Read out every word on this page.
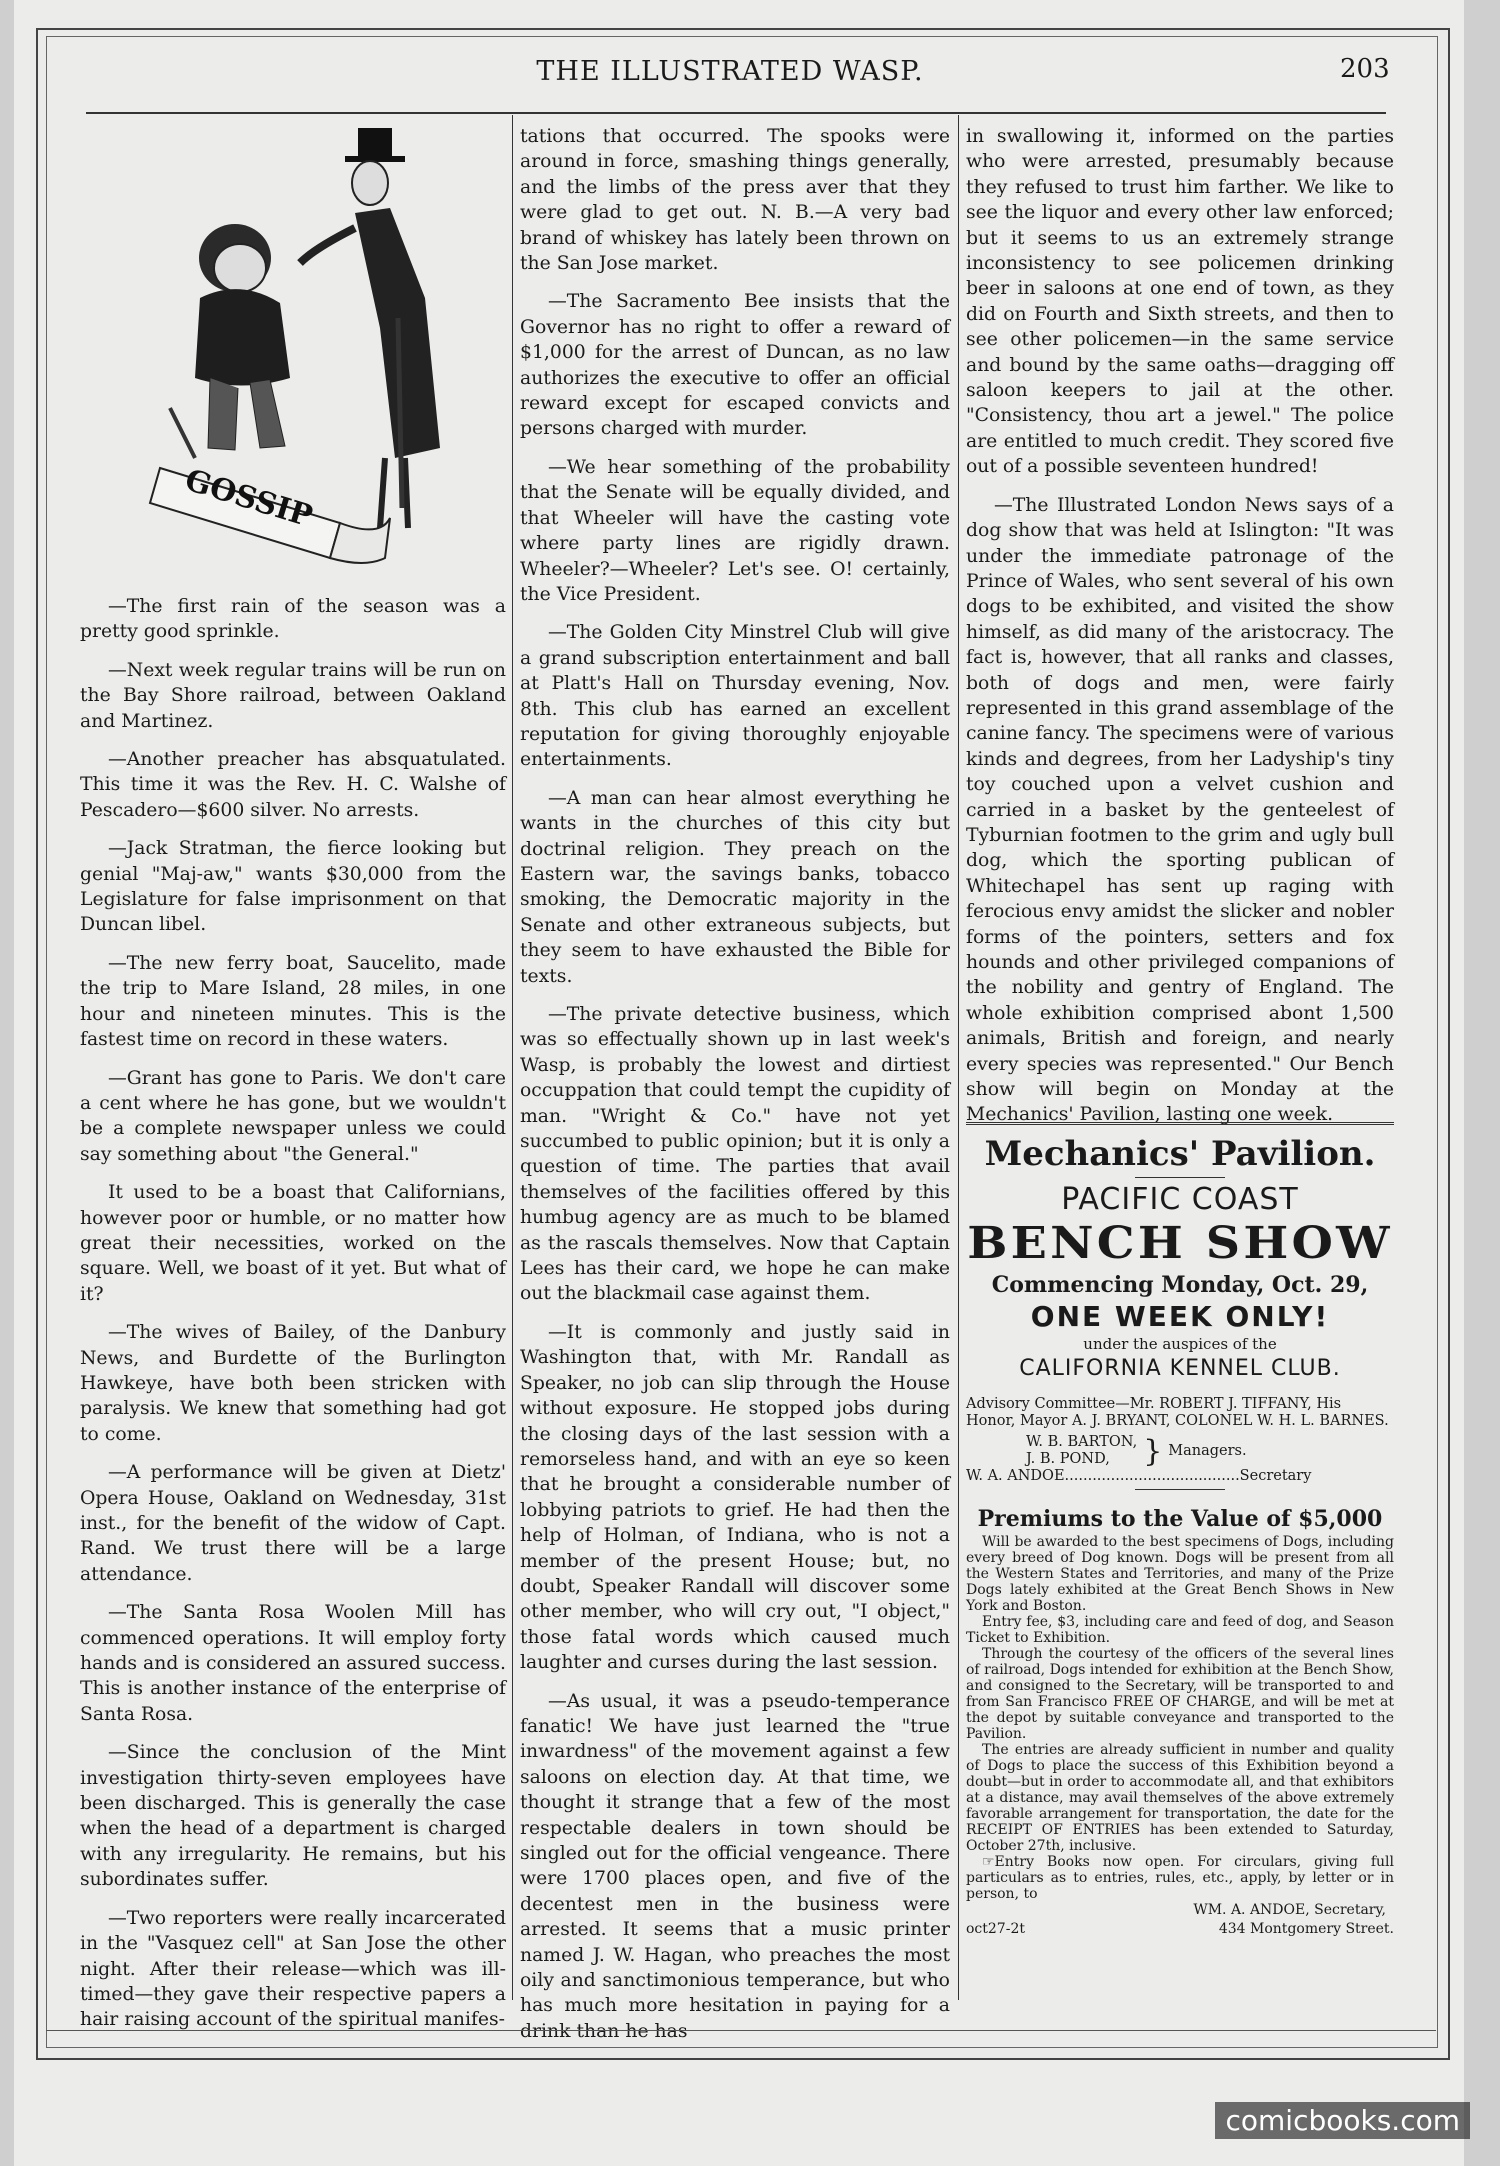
THE ILLUSTRATED WASP.	203
GOSSIP

—The first rain of the season was a pretty good sprinkle.

—Next week regular trains will be run on the Bay Shore railroad, between Oakland and Martinez.

—Another preacher has absquatulated. This time it was the Rev. H. C. Walshe of Pescadero—$600 silver. No arrests.

—Jack Stratman, the fierce looking but genial "Maj-aw," wants $30,000 from the Legislature for false imprisonment on that Duncan libel.

—The new ferry boat, Saucelito, made the trip to Mare Island, 28 miles, in one hour and nineteen minutes. This is the fastest time on record in these waters.

—Grant has gone to Paris. We don't care a cent where he has gone, but we wouldn't be a complete newspaper unless we could say something about "the General."

It used to be a boast that Californians, however poor or humble, or no matter how great their necessities, worked on the square. Well, we boast of it yet. But what of it?

—The wives of Bailey, of the Danbury News, and Burdette of the Burlington Hawkeye, have both been stricken with paralysis. We knew that something had got to come.

—A performance will be given at Dietz' Opera House, Oakland on Wednesday, 31st inst., for the benefit of the widow of Capt. Rand. We trust there will be a large attendance.

—The Santa Rosa Woolen Mill has commenced operations. It will employ forty hands and is considered an assured success. This is another instance of the enterprise of Santa Rosa.

—Since the conclusion of the Mint investigation thirty-seven employees have been discharged. This is generally the case when the head of a department is charged with any irregularity. He remains, but his subordinates suffer.

—Two reporters were really incarcerated in the "Vasquez cell" at San Jose the other night. After their release—which was ill-timed—they gave their respective papers a hair raising account of the spiritual manifes-

tations that occurred. The spooks were around in force, smashing things generally, and the limbs of the press aver that they were glad to get out. N. B.—A very bad brand of whiskey has lately been thrown on the San Jose market.

—The Sacramento Bee insists that the Governor has no right to offer a reward of $1,000 for the arrest of Duncan, as no law authorizes the executive to offer an official reward except for escaped convicts and persons charged with murder.

—We hear something of the probability that the Senate will be equally divided, and that Wheeler will have the casting vote where party lines are rigidly drawn. Wheeler?—Wheeler? Let's see. O! certainly, the Vice President.

—The Golden City Minstrel Club will give a grand subscription entertainment and ball at Platt's Hall on Thursday evening, Nov. 8th. This club has earned an excellent reputation for giving thoroughly enjoyable entertainments.

—A man can hear almost everything he wants in the churches of this city but doctrinal religion. They preach on the Eastern war, the savings banks, tobacco smoking, the Democratic majority in the Senate and other extraneous subjects, but they seem to have exhausted the Bible for texts.

—The private detective business, which was so effectually shown up in last week's Wasp, is probably the lowest and dirtiest occuppation that could tempt the cupidity of man. "Wright & Co." have not yet succumbed to public opinion; but it is only a question of time. The parties that avail themselves of the facilities offered by this humbug agency are as much to be blamed as the rascals themselves. Now that Captain Lees has their card, we hope he can make out the blackmail case against them.

—It is commonly and justly said in Washington that, with Mr. Randall as Speaker, no job can slip through the House without exposure. He stopped jobs during the closing days of the last session with a remorseless hand, and with an eye so keen that he brought a considerable number of lobbying patriots to grief. He had then the help of Holman, of Indiana, who is not a member of the present House; but, no doubt, Speaker Randall will discover some other member, who will cry out, "I object," those fatal words which caused much laughter and curses during the last session.

—As usual, it was a pseudo-temperance fanatic! We have just learned the "true inwardness" of the movement against a few saloons on election day. At that time, we thought it strange that a few of the most respectable dealers in town should be singled out for the official vengeance. There were 1700 places open, and five of the decentest men in the business were arrested. It seems that a music printer named J. W. Hagan, who preaches the most oily and sanctimonious temperance, but who has much more hesitation in paying for a drink than he has

in swallowing it, informed on the parties who were arrested, presumably because they refused to trust him farther. We like to see the liquor and every other law enforced; but it seems to us an extremely strange inconsistency to see policemen drinking beer in saloons at one end of town, as they did on Fourth and Sixth streets, and then to see other policemen—in the same service and bound by the same oaths—dragging off saloon keepers to jail at the other. "Consistency, thou art a jewel." The police are entitled to much credit. They scored five out of a possible seventeen hundred!

—The Illustrated London News says of a dog show that was held at Islington: "It was under the immediate patronage of the Prince of Wales, who sent several of his own dogs to be exhibited, and visited the show himself, as did many of the aristocracy. The fact is, however, that all ranks and classes, both of dogs and men, were fairly represented in this grand assemblage of the canine fancy. The specimens were of various kinds and degrees, from her Ladyship's tiny toy couched upon a velvet cushion and carried in a basket by the genteelest of Tyburnian footmen to the grim and ugly bull dog, which the sporting publican of Whitechapel has sent up raging with ferocious envy amidst the slicker and nobler forms of the pointers, setters and fox hounds and other privileged companions of the nobility and gentry of England. The whole exhibition comprised abont 1,500 animals, British and foreign, and nearly every species was represented." Our Bench show will begin on Monday at the Mechanics' Pavilion, lasting one week.

Mechanics' Pavilion.
PACIFIC COAST
BENCH SHOW
Commencing Monday, Oct. 29,
ONE WEEK ONLY!
under the auspices of the
CALIFORNIA KENNEL CLUB.
Advisory Committee—Mr. ROBERT J. TIFFANY, His Honor, Mayor A. J. BRYANT, COLONEL W. H. L. BARNES.
W. B. BARTON,
J. B. POND,	} Managers.
W. A. ANDOE......................................Secretary
Premiums to the Value of $5,000

Will be awarded to the best specimens of Dogs, including every breed of Dog known. Dogs will be present from all the Western States and Territories, and many of the Prize Dogs lately exhibited at the Great Bench Shows in New York and Boston.

Entry fee, $3, including care and feed of dog, and Season Ticket to Exhibition.

Through the courtesy of the officers of the several lines of railroad, Dogs intended for exhibition at the Bench Show, and consigned to the Secretary, will be transported to and from San Francisco FREE OF CHARGE, and will be met at the depot by suitable conveyance and transported to the Pavilion.

The entries are already sufficient in number and quality of Dogs to place the success of this Exhibition beyond a doubt—but in order to accommodate all, and that exhibitors at a distance, may avail themselves of the above extremely favorable arrangement for transportation, the date for the RECEIPT OF ENTRIES has been extended to Saturday, October 27th, inclusive.

☞Entry Books now open. For circulars, giving full particulars as to entries, rules, etc., apply, by letter or in person, to

WM. A. ANDOE, Secretary,
oct27-2t	434 Montgomery Street.
comicbooks.com
